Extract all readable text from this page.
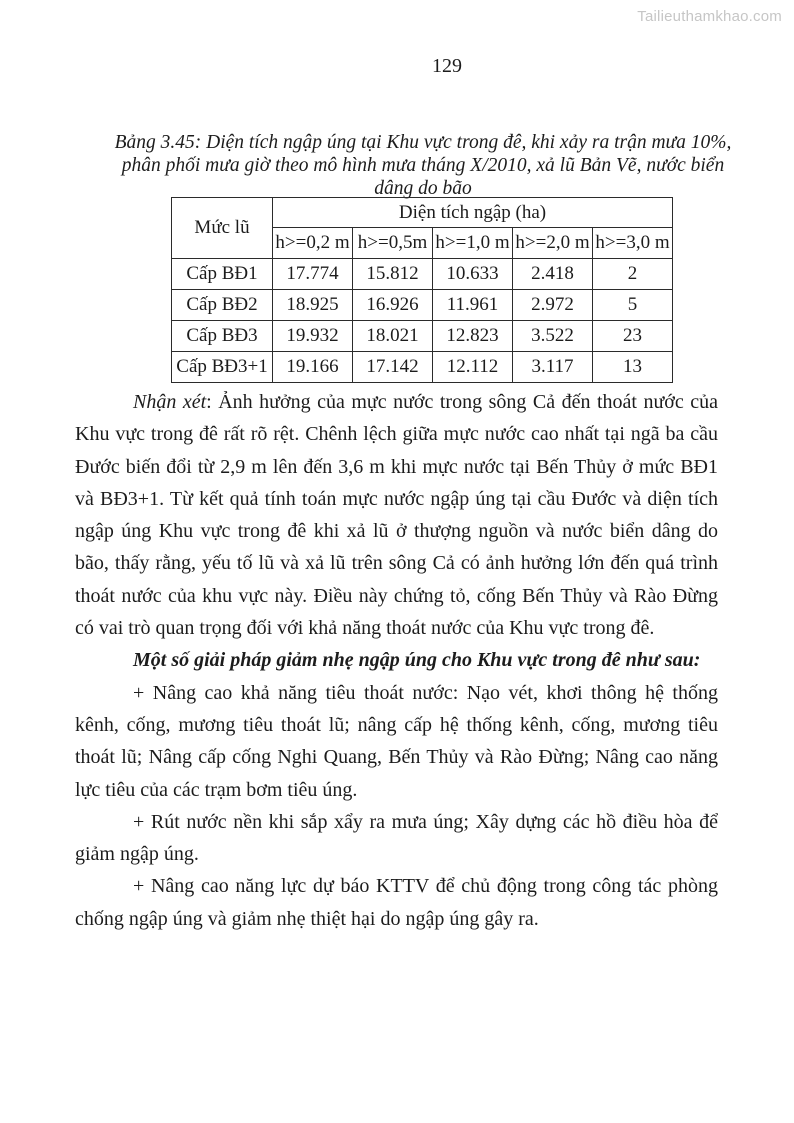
Tailieuthamkhao.com
129
Bảng 3.45: Diện tích ngập úng tại Khu vực trong đê, khi xảy ra trận mưa 10%,
phân phối mưa giờ theo mô hình mưa tháng X/2010, xả lũ Bản Vẽ, nước biển
dâng do bão
Mức lũ	Diện tích ngập (ha)				
	h>=0,2 m	h>=0,5m	h>=1,0 m	h>=2,0 m	h>=3,0 m
Cấp BĐ1	17.774	15.812	10.633	2.418	2
Cấp BĐ2	18.925	16.926	11.961	2.972	5
Cấp BĐ3	19.932	18.021	12.823	3.522	23
Cấp BĐ3+1	19.166	17.142	12.112	3.117	13

Nhận xét: Ảnh hưởng của mực nước trong sông Cả đến thoát nước của Khu vực trong đê rất rõ rệt. Chênh lệch giữa mực nước cao nhất tại ngã ba cầu Đước biến đổi từ 2,9 m lên đến 3,6 m khi mực nước tại Bến Thủy ở mức BĐ1 và BĐ3+1. Từ kết quả tính toán mực nước ngập úng tại cầu Đước và diện tích ngập úng Khu vực trong đê khi xả lũ ở thượng nguồn và nước biển dâng do bão, thấy rằng, yếu tố lũ và xả lũ trên sông Cả có ảnh hưởng lớn đến quá trình thoát nước của khu vực này. Điều này chứng tỏ, cống Bến Thủy và Rào Đừng có vai trò quan trọng đối với khả năng thoát nước của Khu vực trong đê.

Một số giải pháp giảm nhẹ ngập úng cho Khu vực trong đê như sau:

+ Nâng cao khả năng tiêu thoát nước: Nạo vét, khơi thông hệ thống kênh, cống, mương tiêu thoát lũ; nâng cấp hệ thống kênh, cống, mương tiêu thoát lũ; Nâng cấp cống Nghi Quang, Bến Thủy và Rào Đừng; Nâng cao năng lực tiêu của các trạm bơm tiêu úng.

+ Rút nước nền khi sắp xẩy ra mưa úng; Xây dựng các hồ điều hòa để giảm ngập úng.

+ Nâng cao năng lực dự báo KTTV để chủ động trong công tác phòng chống ngập úng và giảm nhẹ thiệt hại do ngập úng gây ra.
